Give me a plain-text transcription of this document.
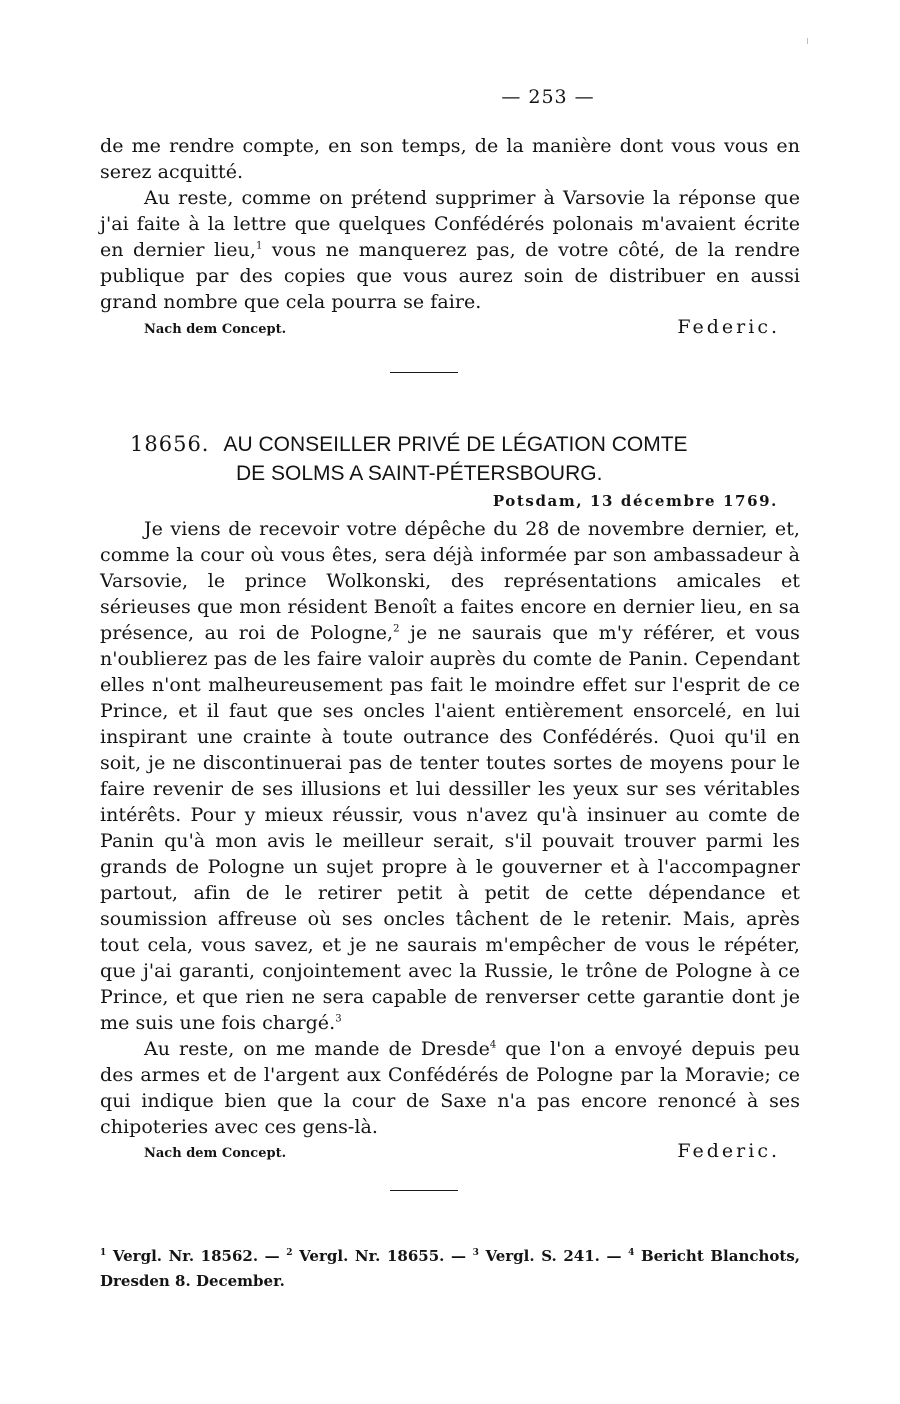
— 253 —

de me rendre compte, en son temps, de la manière dont vous vous en serez acquitté.

Au reste, comme on prétend supprimer à Varsovie la réponse que j'ai faite à la lettre que quelques Confédérés polonais m'avaient écrite en dernier lieu,$^1$ vous ne manquerez pas, de votre côté, de la rendre publique par des copies que vous aurez soin de distribuer en aussi grand nombre que cela pourra se faire.

Nach dem Concept.	Federic.
18656. AU CONSEILLER PRIVÉ DE LÉGATION COMTE
DE SOLMS A SAINT-PÉTERSBOURG.
Potsdam, 13 décembre 1769.

Je viens de recevoir votre dépêche du 28 de novembre dernier, et, comme la cour où vous êtes, sera déjà informée par son ambassadeur à Varsovie, le prince Wolkonski, des représentations amicales et sérieuses que mon résident Benoît a faites encore en dernier lieu, en sa présence, au roi de Pologne,$^2$ je ne saurais que m'y référer, et vous n'oublierez pas de les faire valoir auprès du comte de Panin. Cependant elles n'ont malheureusement pas fait le moindre effet sur l'esprit de ce Prince, et il faut que ses oncles l'aient entièrement ensorcelé, en lui inspirant une crainte à toute outrance des Confédérés. Quoi qu'il en soit, je ne discontinuerai pas de tenter toutes sortes de moyens pour le faire revenir de ses illusions et lui dessiller les yeux sur ses véritables intérêts. Pour y mieux réussir, vous n'avez qu'à insinuer au comte de Panin qu'à mon avis le meilleur serait, s'il pouvait trouver parmi les grands de Pologne un sujet propre à le gouverner et à l'accompagner partout, afin de le retirer petit à petit de cette dépendance et soumission affreuse où ses oncles tâchent de le retenir. Mais, après tout cela, vous savez, et je ne saurais m'empêcher de vous le répéter, que j'ai garanti, conjointement avec la Russie, le trône de Pologne à ce Prince, et que rien ne sera capable de renverser cette garantie dont je me suis une fois chargé.$^3$

Au reste, on me mande de Dresde$^4$ que l'on a envoyé depuis peu des armes et de l'argent aux Confédérés de Pologne par la Moravie; ce qui indique bien que la cour de Saxe n'a pas encore renoncé à ses chipoteries avec ces gens-là.

Nach dem Concept.	Federic.
$^1$ Vergl. Nr. 18562. — $^2$ Vergl. Nr. 18655. — $^3$ Vergl. S. 241. — $^4$ Bericht Blanchots, Dresden 8. December.
